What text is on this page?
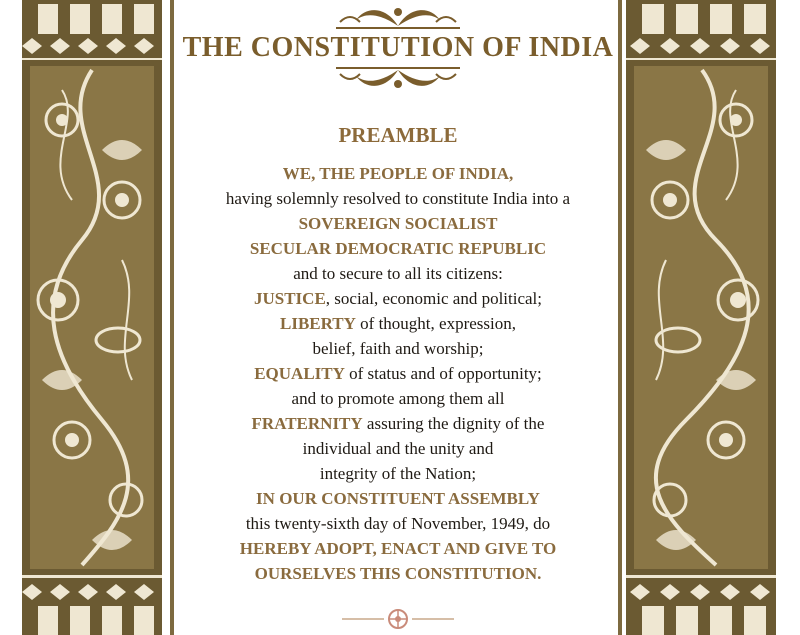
THE CONSTITUTION OF INDIA
PREAMBLE
WE, THE PEOPLE OF INDIA,
having solemnly resolved to constitute India into a
SOVEREIGN SOCIALIST
SECULAR DEMOCRATIC REPUBLIC
and to secure to all its citizens:
JUSTICE, social, economic and political;
LIBERTY of thought, expression,
belief, faith and worship;
EQUALITY of status and of opportunity;
and to promote among them all
FRATERNITY assuring the dignity of the
individual and the unity and
integrity of the Nation;
IN OUR CONSTITUENT ASSEMBLY
this twenty-sixth day of November, 1949, do
HEREBY ADOPT, ENACT AND GIVE TO
OURSELVES THIS CONSTITUTION.
